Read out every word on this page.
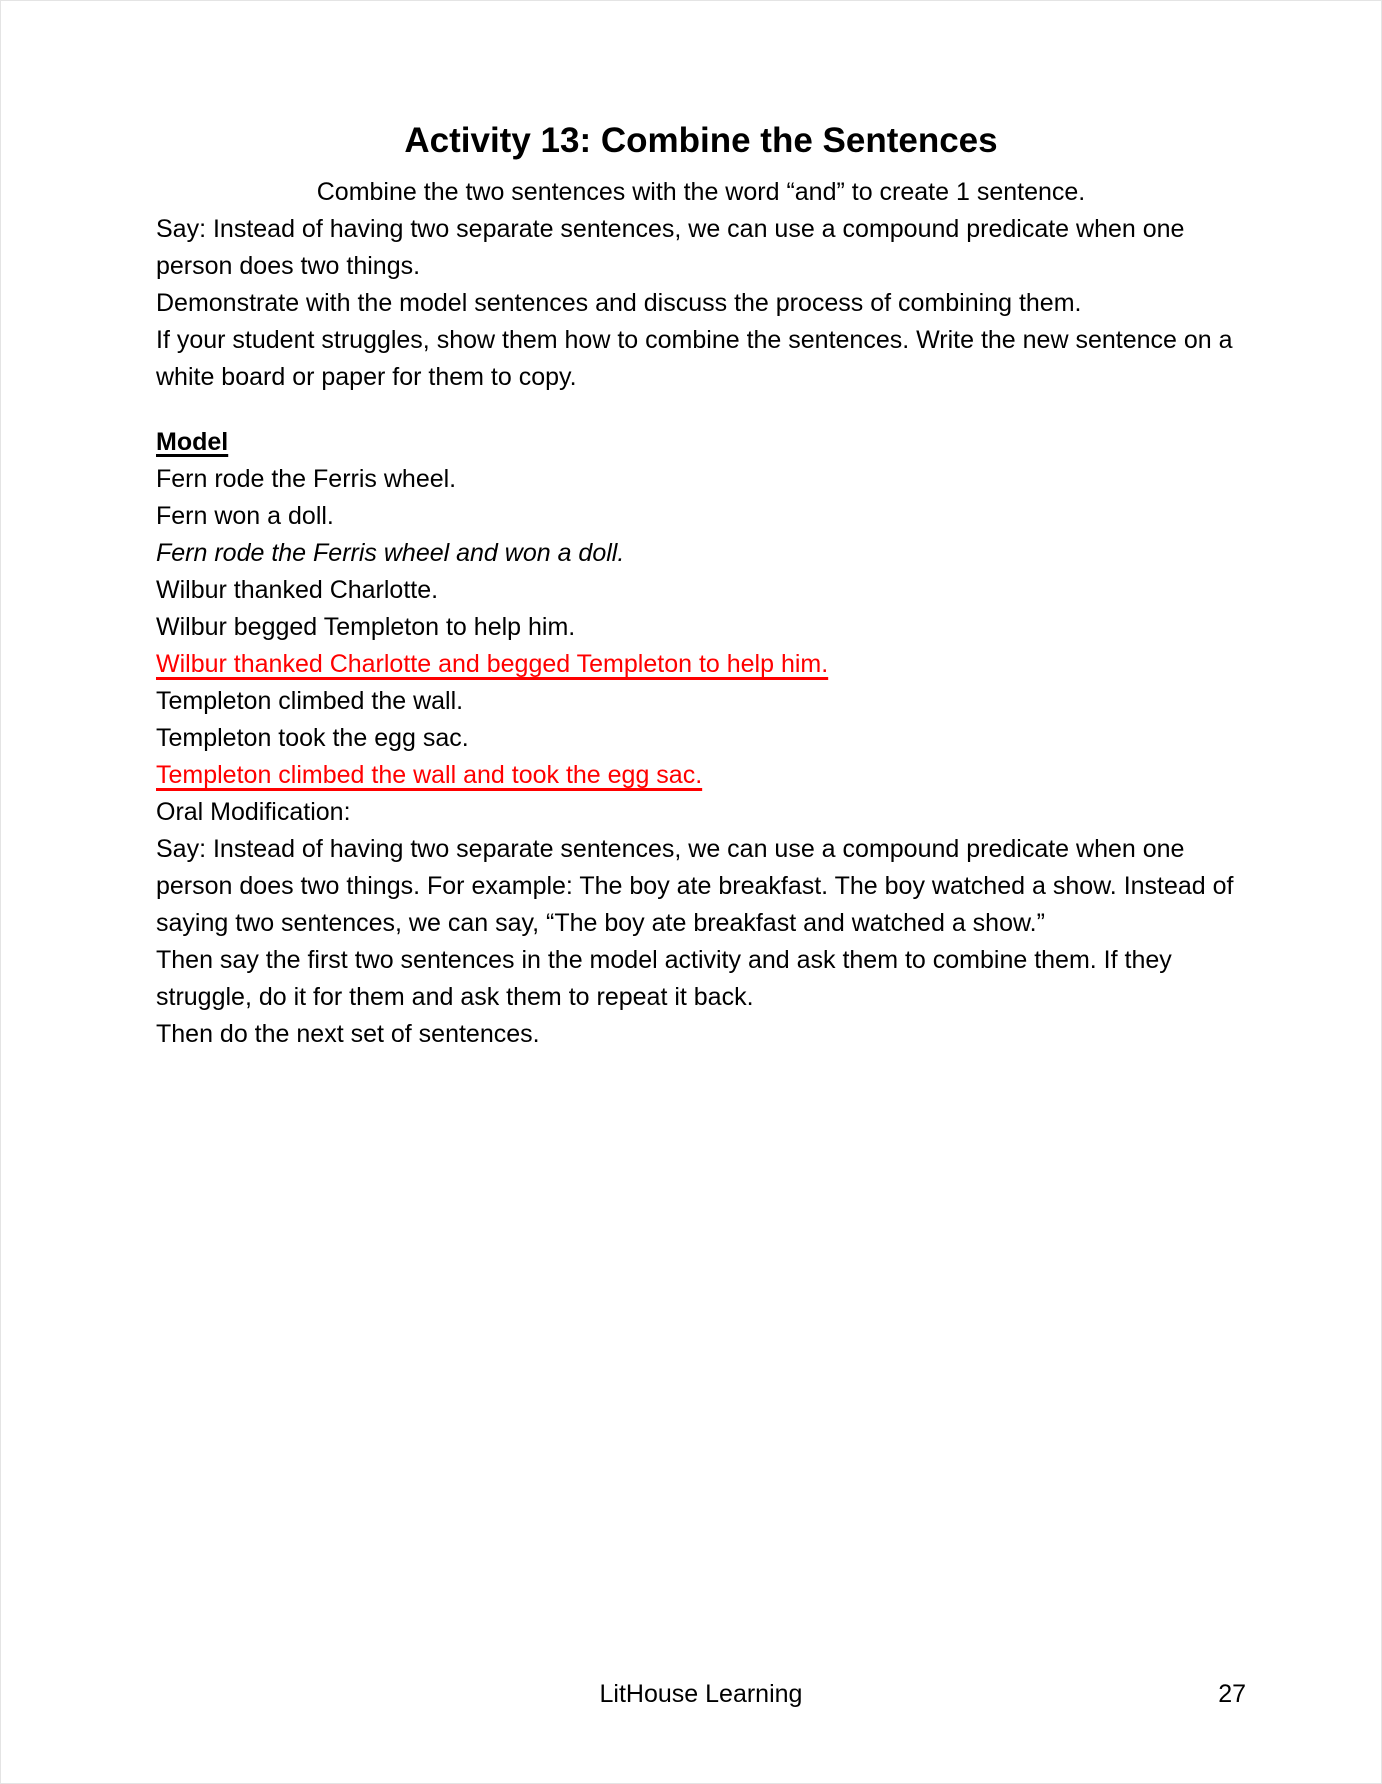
Activity 13: Combine the Sentences

Combine the two sentences with the word “and” to create 1 sentence.

Say: Instead of having two separate sentences, we can use a compound predicate when one person does two things.

Demonstrate with the model sentences and discuss the process of combining them.

If your student struggles, show them how to combine the sentences. Write the new sentence on a white board or paper for them to copy.

Model

Fern rode the Ferris wheel.

Fern won a doll.

Fern rode the Ferris wheel and won a doll.

Wilbur thanked Charlotte.

Wilbur begged Templeton to help him.

Wilbur thanked Charlotte and begged Templeton to help him.

Templeton climbed the wall.

Templeton took the egg sac.

Templeton climbed the wall and took the egg sac.

Oral Modification:

Say: Instead of having two separate sentences, we can use a compound predicate when one person does two things. For example: The boy ate breakfast. The boy watched a show. Instead of saying two sentences, we can say, “The boy ate breakfast and watched a show.”

Then say the first two sentences in the model activity and ask them to combine them. If they struggle, do it for them and ask them to repeat it back.

Then do the next set of sentences.

LitHouse Learning	27
